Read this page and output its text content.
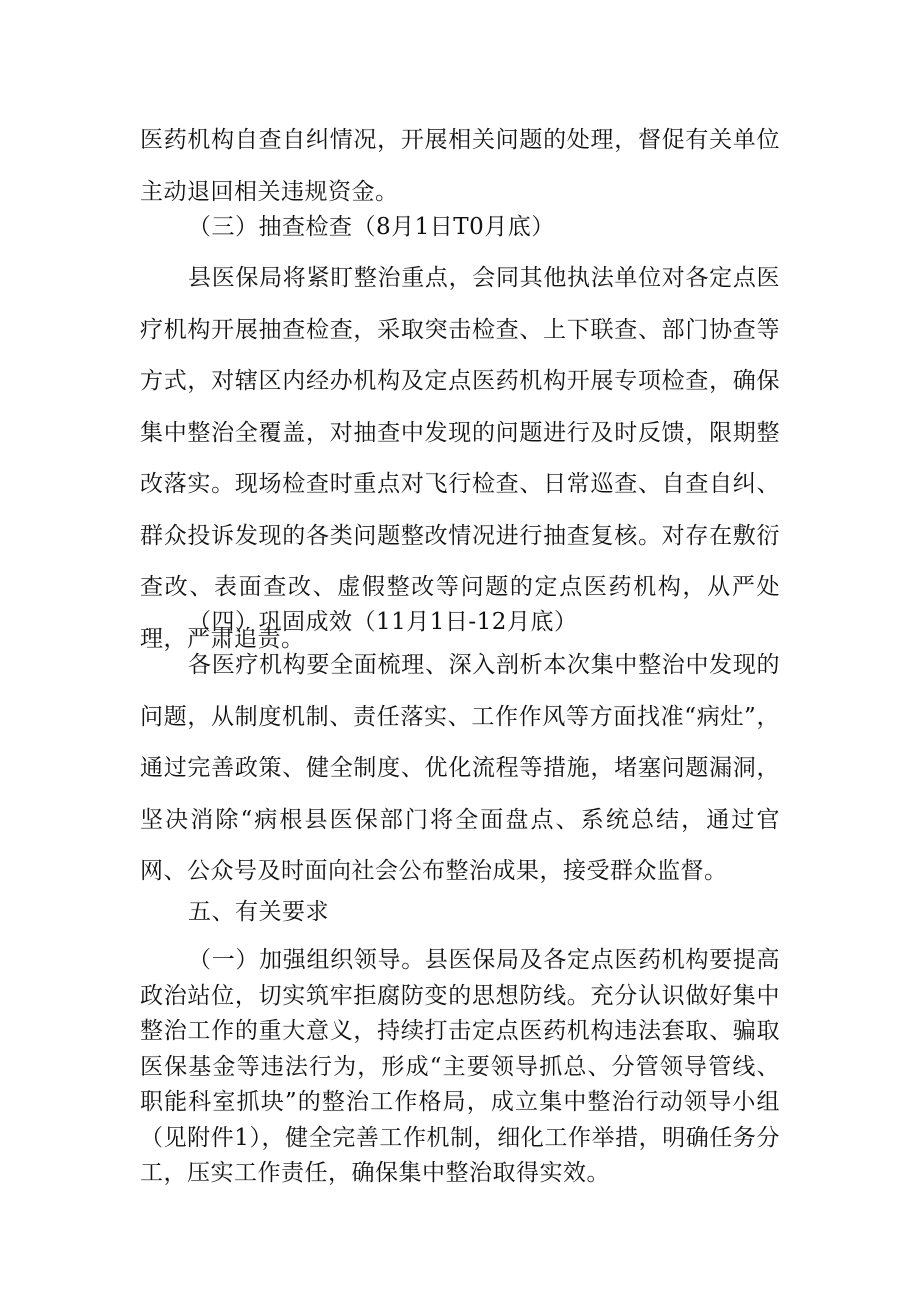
医药机构自查自纠情况，开展相关问题的处理，督促有关单位主动退回相关违规资金。

（三）抽查检查（8月1日T0月底）

县医保局将紧盯整治重点，会同其他执法单位对各定点医疗机构开展抽查检查，采取突击检查、上下联查、部门协查等方式，对辖区内经办机构及定点医药机构开展专项检查，确保集中整治全覆盖，对抽查中发现的问题进行及时反馈，限期整改落实。现场检查时重点对飞行检查、日常巡查、自查自纠、群众投诉发现的各类问题整改情况进行抽查复核。对存在敷衍查改、表面查改、虚假整改等问题的定点医药机构，从严处理，严肃追责。

（四）巩固成效（11月1日-12月底）

各医疗机构要全面梳理、深入剖析本次集中整治中发现的问题，从制度机制、责任落实、工作作风等方面找准“病灶”，通过完善政策、健全制度、优化流程等措施，堵塞问题漏洞，坚决消除“病根县医保部门将全面盘点、系统总结，通过官网、公众号及时面向社会公布整治成果，接受群众监督。

五、有关要求

（一）加强组织领导。县医保局及各定点医药机构要提高政治站位，切实筑牢拒腐防变的思想防线。充分认识做好集中整治工作的重大意义，持续打击定点医药机构违法套取、骗取医保基金等违法行为，形成“主要领导抓总、分管领导管线、职能科室抓块”的整治工作格局，成立集中整治行动领导小组（见附件1），健全完善工作机制，细化工作举措，明确任务分工，压实工作责任，确保集中整治取得实效。
